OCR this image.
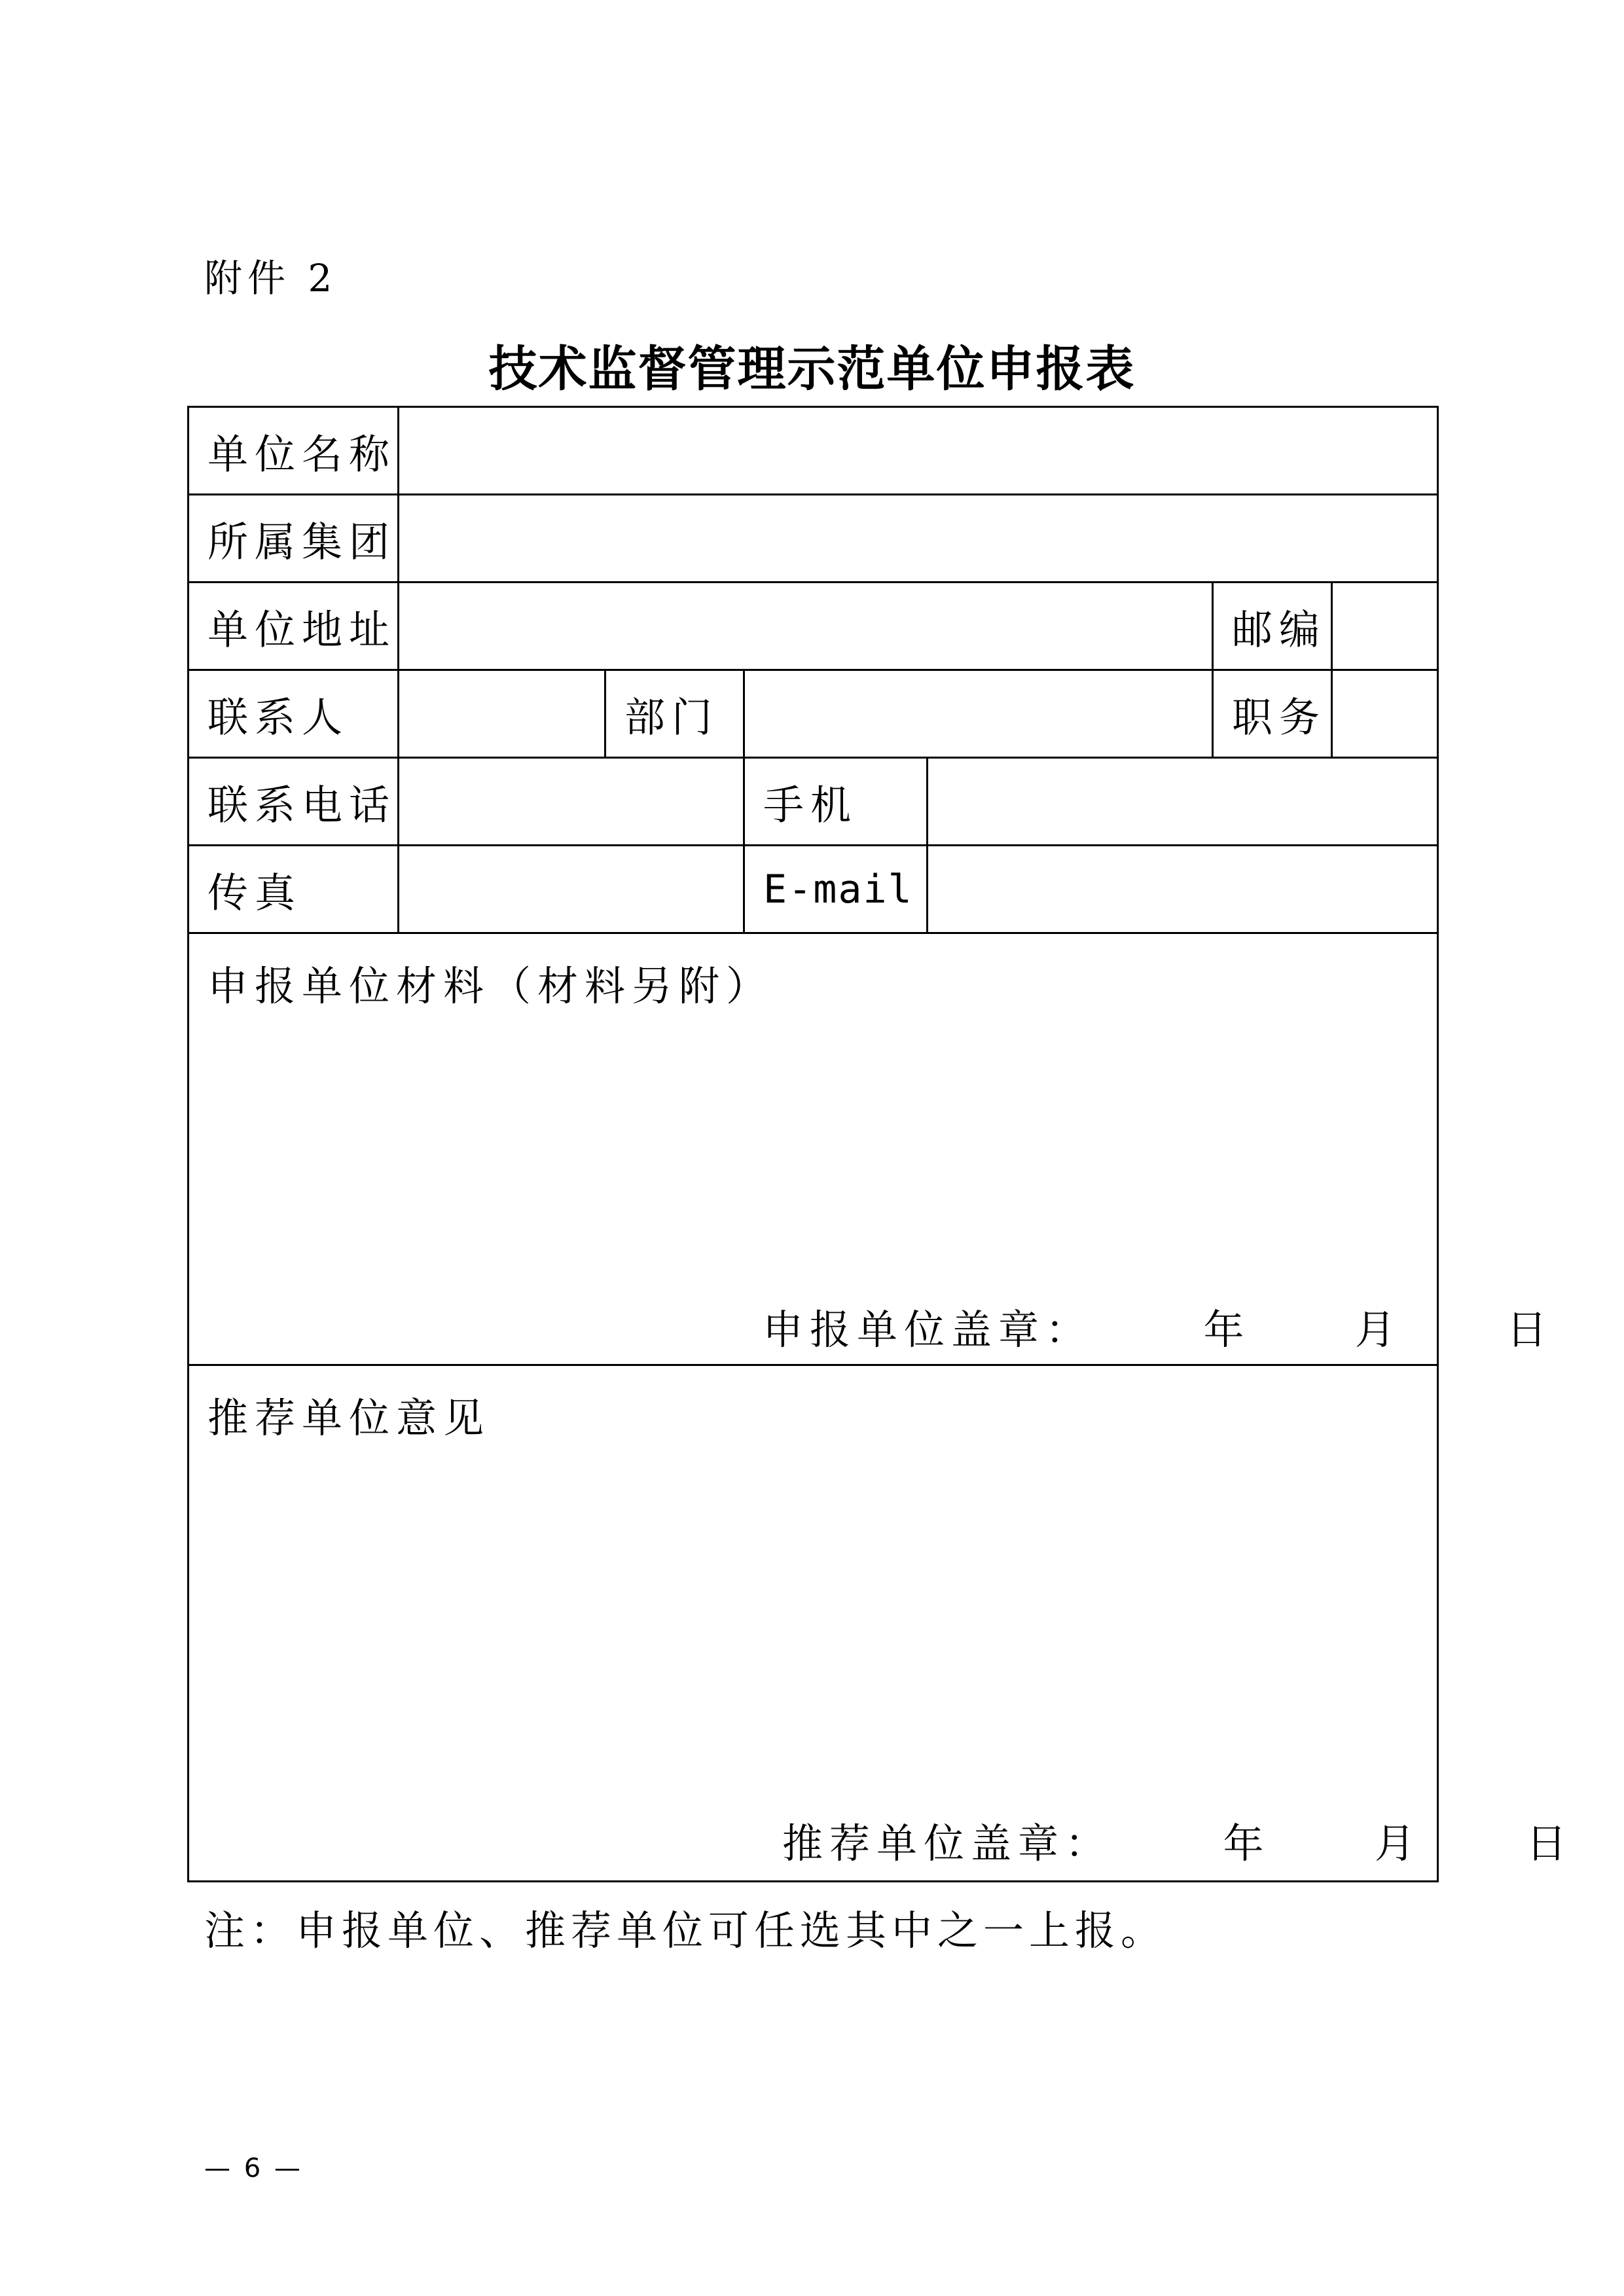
附件 2
技术监督管理示范单位申报表
单位名称
所属集团
单位地址	邮编
联系人	部门	职务
联系电话	手机
传真	E-mail
申报单位材料（材料另附）
申报单位盖章：	年	月	日
推荐单位意见
推荐单位盖章：	年	月	日
注：申报单位、推荐单位可任选其中之一上报。
— 6 —
